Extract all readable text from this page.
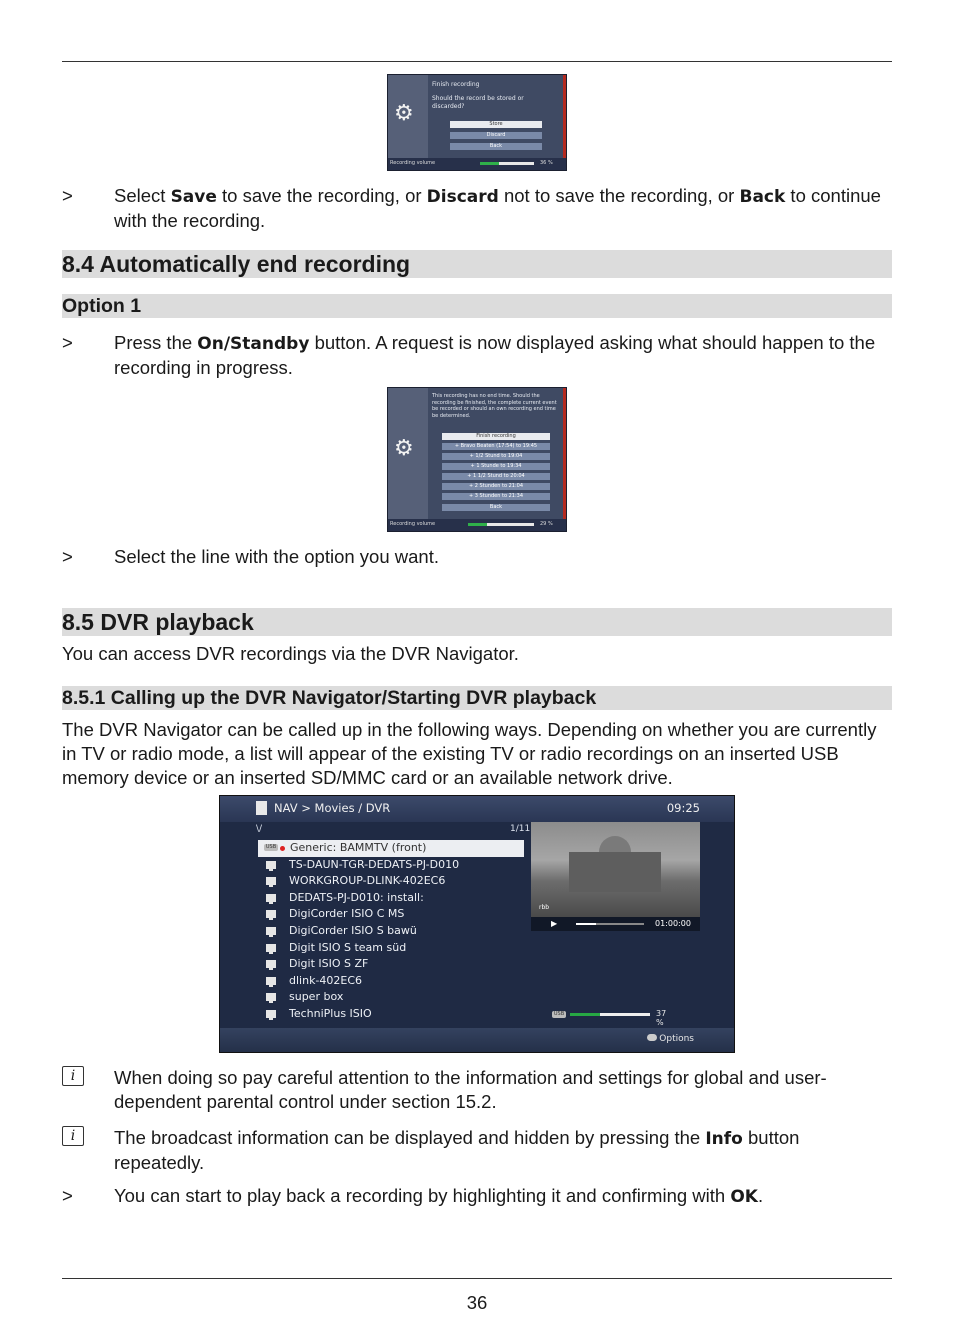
⚙
Finish recording
Should the record be stored or discarded?
Store
Discard
Back
Recording volume	36 %
> Select Save to save the recording, or Discard not to save the recording, or Back to continue with the recording.
8.4 Automatically end recording
Option 1
> Press the On/Standby button. A request is now displayed asking what should happen to the recording in progress.
⚙
This recording has no end time. Should the recording be finished, the complete current event be recorded or should an own recording end time be determined.
Finish recording
+ Bravo Beaten (17:54) to 19:45
+ 1/2 Stund to 19:04
+ 1 Stunde to 19:34
+ 1 1/2 Stund to 20:04
+ 2 Stunden to 21:04
+ 3 Stunden to 21:34
Back
Recording volume	29 %
> Select the line with the option you want.
8.5 DVR playback
You can access DVR recordings via the DVR Navigator.
8.5.1 Calling up the DVR Navigator/Starting DVR playback
The DVR Navigator can be called up in the following ways. Depending on whether you are currently in TV or radio mode, a list will appear of the existing TV or radio recordings on an inserted USB memory device or an inserted SD/MMC card or an available network drive.
NAV > Movies / DVR	09:25
\/	1/11
USB Generic: BAMMTV (front)
TS-DAUN-TGR-DEDATS-PJ-D010
WORKGROUP-DLINK-402EC6
DEDATS-PJ-D010: install:
DigiCorder ISIO C MS
DigiCorder ISIO S bawü
Digit ISIO S team süd
Digit ISIO S ZF
dlink-402EC6
super box
TechniPlus ISIO
rbb
▶	01:00:00
USB	37 %
Options
i	When doing so pay careful attention to the information and settings for global and user-dependent parental control under section 15.2.
i	The broadcast information can be displayed and hidden by pressing the Info button repeatedly.
> You can start to play back a recording by highlighting it and confirming with OK.
36
